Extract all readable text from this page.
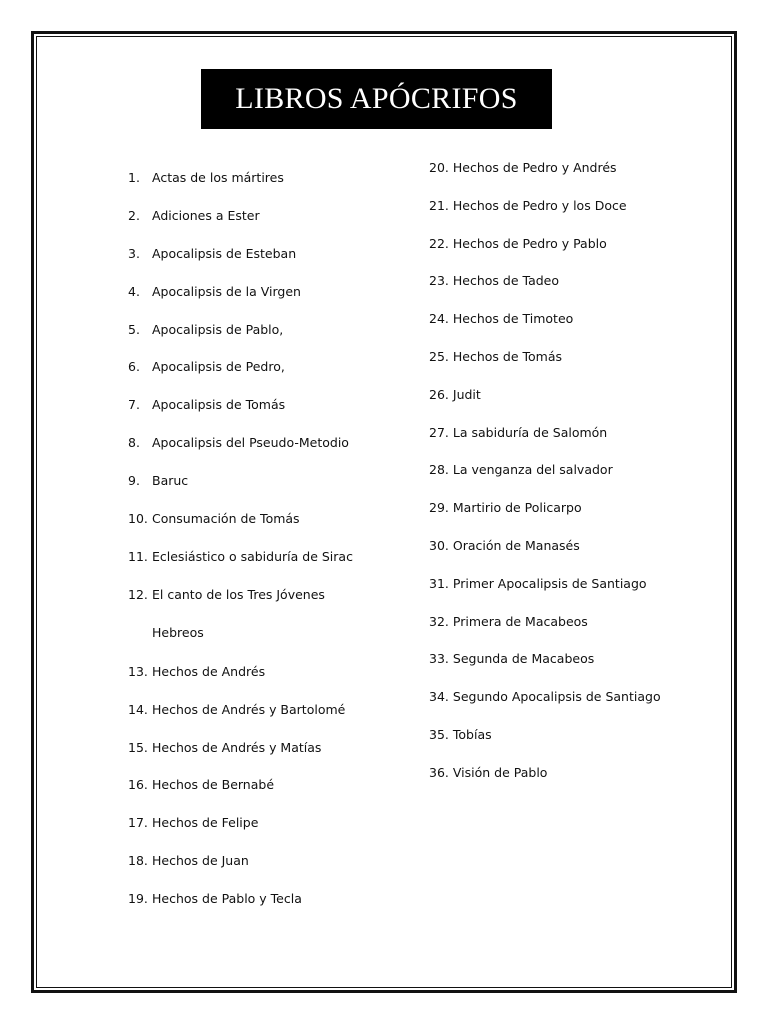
LIBROS APÓCRIFOS
1. Actas de los mártires
2. Adiciones a Ester
3. Apocalipsis de Esteban
4. Apocalipsis de la Virgen
5. Apocalipsis de Pablo,
6. Apocalipsis de Pedro,
7. Apocalipsis de Tomás
8. Apocalipsis del Pseudo-Metodio
9. Baruc
10. Consumación de Tomás
11. Eclesiástico o sabiduría de Sirac
12. El canto de los Tres Jóvenes Hebreos
13. Hechos de Andrés
14. Hechos de Andrés y Bartolomé
15. Hechos de Andrés y Matías
16. Hechos de Bernabé
17. Hechos de Felipe
18. Hechos de Juan
19. Hechos de Pablo y Tecla
20. Hechos de Pedro y Andrés
21. Hechos de Pedro y los Doce
22. Hechos de Pedro y Pablo
23. Hechos de Tadeo
24. Hechos de Timoteo
25. Hechos de Tomás
26. Judit
27. La sabiduría de Salomón
28. La venganza del salvador
29. Martirio de Policarpo
30. Oración de Manasés
31. Primer Apocalipsis de Santiago
32. Primera de Macabeos
33. Segunda de Macabeos
34. Segundo Apocalipsis de Santiago
35. Tobías
36. Visión de Pablo
